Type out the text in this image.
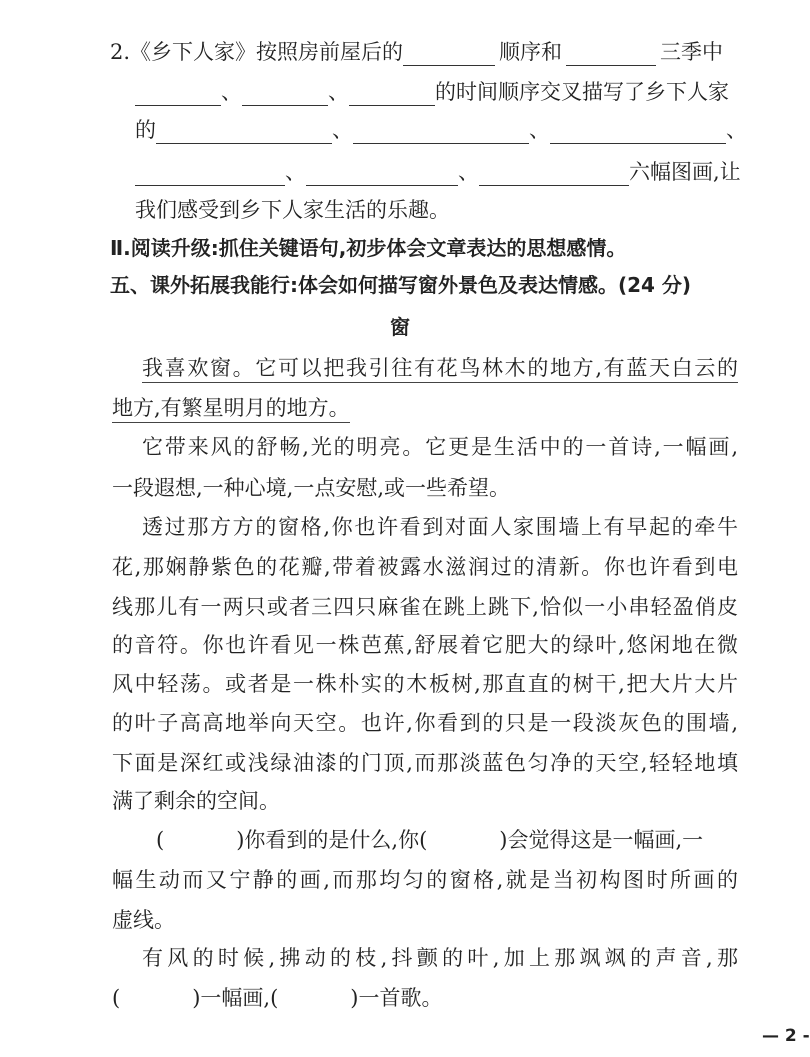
2.《乡下人家》按照房前屋后的	顺序和	三季中
、	、	的时间顺序交叉描写了乡下人家
的	、	、	、
、	、	六幅图画,让
我们感受到乡下人家生活的乐趣。
Ⅱ.阅读升级:抓住关键语句,初步体会文章表达的思想感情。
五、课外拓展我能行:体会如何描写窗外景色及表达情感。(24 分)
窗
我喜欢窗。它可以把我引往有花鸟林木的地方,有蓝天白云的
地方,有繁星明月的地方。
它带来风的舒畅,光的明亮。它更是生活中的一首诗,一幅画,
一段遐想,一种心境,一点安慰,或一些希望。
透过那方方的窗格,你也许看到对面人家围墙上有早起的牵牛
花,那娴静紫色的花瓣,带着被露水滋润过的清新。你也许看到电
线那儿有一两只或者三四只麻雀在跳上跳下,恰似一小串轻盈俏皮
的音符。你也许看见一株芭蕉,舒展着它肥大的绿叶,悠闲地在微
风中轻荡。或者是一株朴实的木板树,那直直的树干,把大片大片
的叶子高高地举向天空。也许,你看到的只是一段淡灰色的围墙,
下面是深红或浅绿油漆的门顶,而那淡蓝色匀净的天空,轻轻地填
满了剩余的空间。
(	)你看到的是什么,你(	)会觉得这是一幅画,一
幅生动而又宁静的画,而那均匀的窗格,就是当初构图时所画的
虚线。
有风的时候,拂动的枝,抖颤的叶,加上那飒飒的声音,那
(	)一幅画,(	)一首歌。
— 2 -
